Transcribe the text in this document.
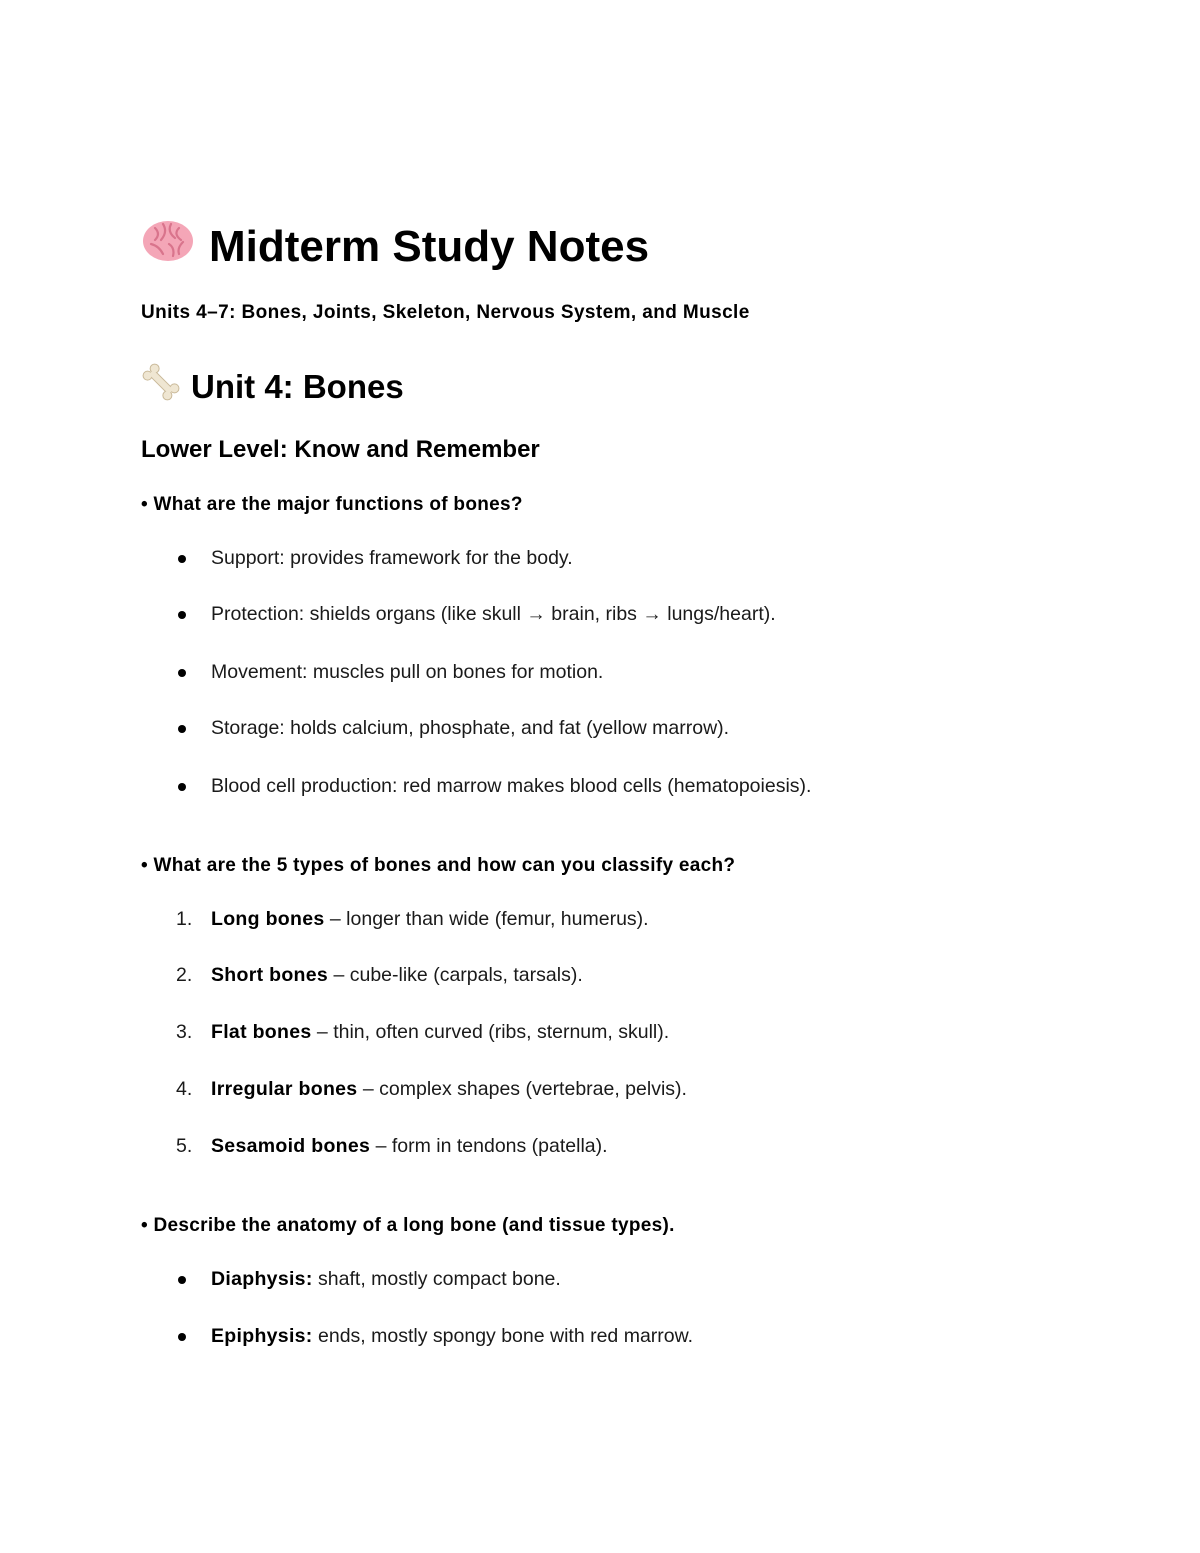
Midterm Study Notes
Units 4–7: Bones, Joints, Skeleton, Nervous System, and Muscle
Unit 4: Bones
Lower Level: Know and Remember
• What are the major functions of bones?
Support: provides framework for the body.
Protection: shields organs (like skull → brain, ribs → lungs/heart).
Movement: muscles pull on bones for motion.
Storage: holds calcium, phosphate, and fat (yellow marrow).
Blood cell production: red marrow makes blood cells (hematopoiesis).
• What are the 5 types of bones and how can you classify each?
1. Long bones – longer than wide (femur, humerus).
2. Short bones – cube-like (carpals, tarsals).
3. Flat bones – thin, often curved (ribs, sternum, skull).
4. Irregular bones – complex shapes (vertebrae, pelvis).
5. Sesamoid bones – form in tendons (patella).
• Describe the anatomy of a long bone (and tissue types).
Diaphysis: shaft, mostly compact bone.
Epiphysis: ends, mostly spongy bone with red marrow.
